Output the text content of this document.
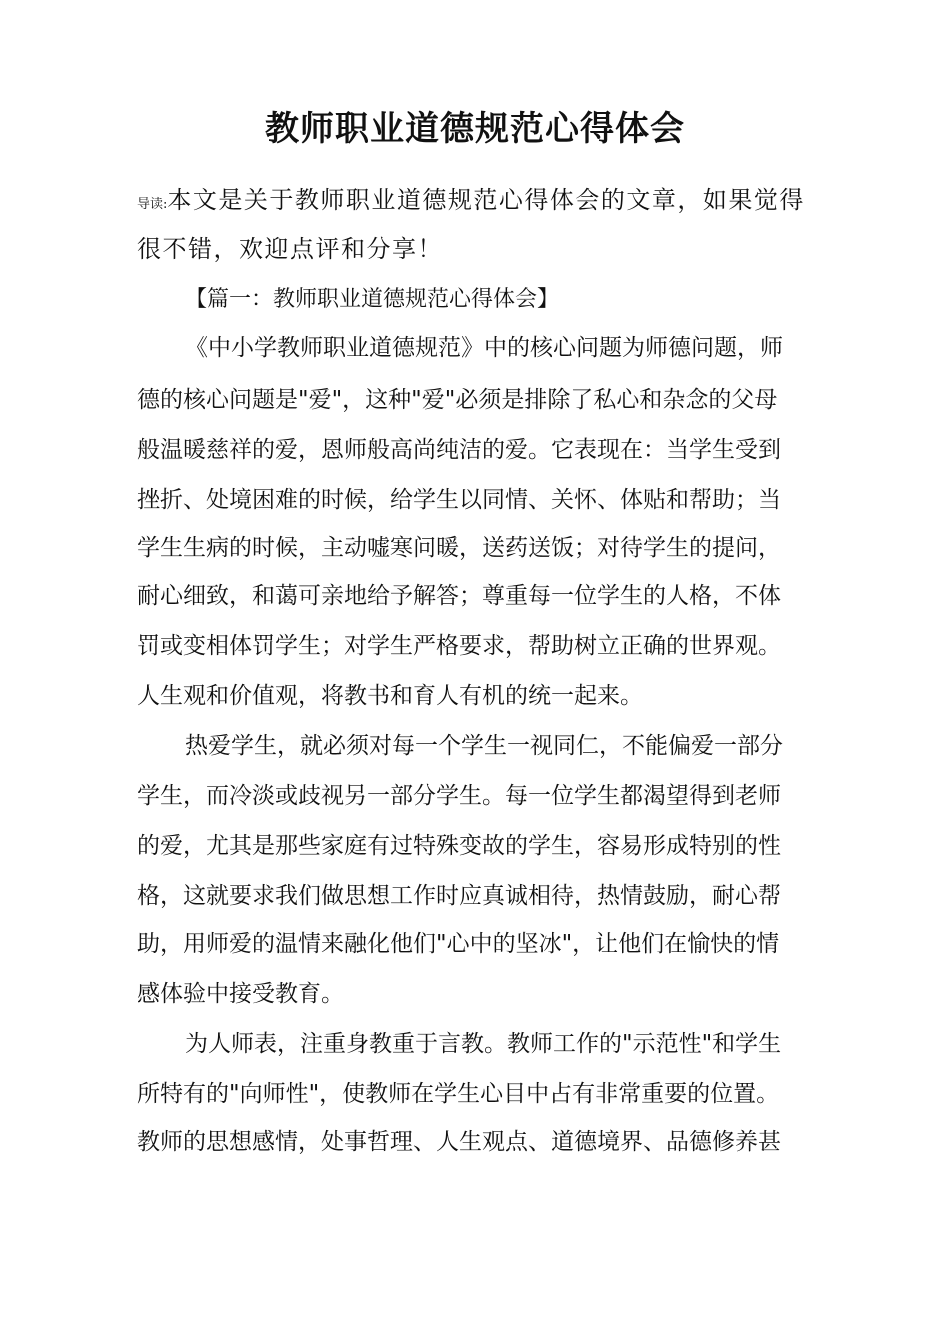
教师职业道德规范心得体会
导读:本文是关于教师职业道德规范心得体会的文章，如果觉得
很不错，欢迎点评和分享！
【篇一：教师职业道德规范心得体会】
《中小学教师职业道德规范》中的核心问题为师德问题，师
德的核心问题是"爱"，这种"爱"必须是排除了私心和杂念的父母
般温暖慈祥的爱，恩师般高尚纯洁的爱。它表现在：当学生受到
挫折、处境困难的时候，给学生以同情、关怀、体贴和帮助；当
学生生病的时候，主动嘘寒问暖，送药送饭；对待学生的提问，
耐心细致，和蔼可亲地给予解答；尊重每一位学生的人格，不体
罚或变相体罚学生；对学生严格要求，帮助树立正确的世界观。
人生观和价值观，将教书和育人有机的统一起来。
热爱学生，就必须对每一个学生一视同仁，不能偏爱一部分
学生，而冷淡或歧视另一部分学生。每一位学生都渴望得到老师
的爱，尤其是那些家庭有过特殊变故的学生，容易形成特别的性
格，这就要求我们做思想工作时应真诚相待，热情鼓励，耐心帮
助，用师爱的温情来融化他们"心中的坚冰"，让他们在愉快的情
感体验中接受教育。
为人师表，注重身教重于言教。教师工作的"示范性"和学生
所特有的"向师性"，使教师在学生心目中占有非常重要的位置。
教师的思想感情，处事哲理、人生观点、道德境界、品德修养甚
